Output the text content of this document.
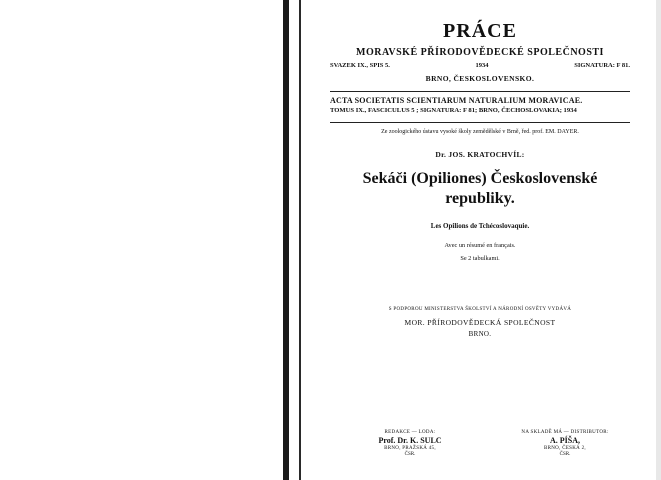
PRÁCE
MORAVSKÉ PŘÍRODOVĚDECKÉ SPOLEČNOSTI
SVAZEK IX., SPIS 5.	1934	SIGNATURA: F 81.
BRNO, ČESKOSLOVENSKO.
ACTA SOCIETATIS SCIENTIARUM NATURALIUM MORAVICAE.
TOMUS IX., FASCICULUS 5 ; SIGNATURA: F 81; BRNO, ČECHOSLOVAKIA; 1934
Ze zoologického ústavu vysoké školy zemědělské v Brně, řed. prof. EM. DAYER.
Dr. JOS. KRATOCHVÍL:
Sekáči (Opiliones) Československé
republiky.
Les Opilions de Tchécoslovaquie.
Avec un résumé en français.
Se 2 tabulkami.
S PODPOROU MINISTERSTVA ŠKOLSTVÍ A NÁRODNÍ OSVĚTY VYDÁVÁ
MOR. PŘÍRODOVĚDECKÁ SPOLEČNOST
BRNO.
REDAKCE — LODA:
Prof. Dr. K. SULC
BRNO, PRAŽSKÁ 45,
ČSR.
NA SKLADĚ MÁ — DISTRIBUTOR:
A. PÍŠA,
BRNO, ČESKÁ 2,
ČSR.
